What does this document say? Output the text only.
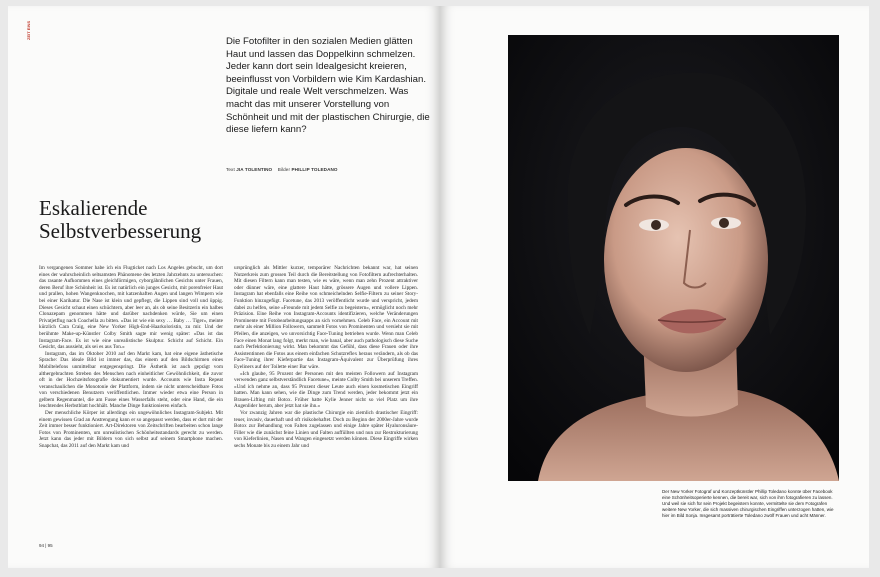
ZEIT EINS

Die Fotofilter in den sozialen Medien glätten Haut und lassen das Doppelkinn schmelzen. Jeder kann dort sein Idealgesicht kreieren, beeinflusst von Vorbildern wie Kim Kardashian. Digitale und reale Welt verschmelzen. Was macht das mit unserer Vorstellung von Schönheit und mit der plastischen Chirurgie, die diese liefern kann?

Text JIA TOLENTINO Bilder PHILLIP TOLEDANO
Eskalierende Selbstverbesserung

Im vergangenen Sommer habe ich ein Flugticket nach Los Angeles gebucht, um dort eines der wahrscheinlich seltsamsten Phänomene des letzten Jahrzehnts zu untersuchen: das rasante Aufkommen eines gleichförmigen, cyborgähnlichen Gesichts unter Frauen, deren Beruf ihre Schönheit ist. Es ist natürlich ein junges Gesicht, mit porenfreier Haut und prallen, hohen Wangenknochen, mit katzenhaften Augen und langen Wimpern wie bei einer Karikatur. Die Nase ist klein und gepflegt, die Lippen sind voll und üppig. Dieses Gesicht schaut einen schüchtern, aber leer an, als ob seine Besitzerin ein halbes Clonazepam genommen hätte und darüber nachdenken würde, Sie um einen Privatjetflug nach Coachella zu bitten. «Das ist wie ein sexy … Baby … Tiger», meinte kürzlich Cara Craig, eine New Yorker High-End-Haarkoloristin, zu mir. Und der berühmte Make-up-Künstler Colby Smith sagte mir wenig später: «Das ist das Instagram-Face. Es ist wie eine unrealistische Skulptur. Schicht auf Schicht. Ein Gesicht, das aussieht, als sei es aus Ton.»

Instagram, das im Oktober 2010 auf den Markt kam, hat eine eigene ästhetische Sprache: Das ideale Bild ist immer das, das einem auf den Bildschirmen eines Mobiltelefons unmittelbar entgegenspringt. Die Ästhetik ist auch geprägt vom althergebrachten Streben des Menschen nach einheitlicher Gewöhnlichkeit, die zuvor oft in der Hochzeitsfotografie dokumentiert wurde. Accounts wie Insta Repeat veranschaulichen die Monotonie der Plattform, indem sie nicht unterscheidbare Fotos von verschiedenen Benutzern veröffentlichen. Immer wieder etwa eine Person in gelbem Regenmantel, die am Fusse eines Wasserfalls steht, oder eine Hand, die ein leuchtendes Herbstblatt hochhält. Manche Dinge funktionieren einfach.

Der menschliche Körper ist allerdings ein ungewöhnliches Instagram-Subjekt. Mit einem gewissen Grad an Anstrengung kann er so angepasst werden, dass er dort mit der Zeit immer besser funktioniert. Art-Direktoren von Zeitschriften bearbeiten schon lange Fotos von Prominenten, um unrealistischen Schönheitsstandards gerecht zu werden. Jetzt kann das jeder mit Bildern von sich selbst auf seinem Smartphone machen. Snapchat, das 2011 auf den Markt kam und

ursprünglich als Mittler kurzer, temporärer Nachrichten bekannt war, hat seinen Nutzerkreis zum grossen Teil durch die Bereitstellung von Fotofiltern aufrechterhalten. Mit diesen Filtern kann man testen, wie es wäre, wenn man zehn Prozent attraktiver oder dünner wäre, eine glattere Haut hätte, grössere Augen und vollere Lippen. Instagram hat ebenfalls eine Reihe von schmeichelnden Selfie-Filtern zu seiner Story-Funktion hinzugefügt. Facetune, das 2013 veröffentlicht wurde und verspricht, jedem dabei zu helfen, seine «Freunde mit jedem Selfie zu begeistern», ermöglicht noch mehr Präzision. Eine Reihe von Instagram-Accounts identifizieren, welche Veränderungen Prominente mit Fotobearbeitungsapps an sich vornehmen. Celeb Face, ein Account mit mehr als einer Million Followern, sammelt Fotos von Prominenten und versieht sie mit Pfeilen, die anzeigen, wo unvorsichtig Face-Tuning betrieben wurde. Wenn man Celeb Face einen Monat lang folgt, merkt man, wie banal, aber auch pathologisch diese Suche nach Perfektionierung wirkt. Man bekommt das Gefühl, dass diese Frauen oder ihre Assistentinnen die Fotos aus einem einfachen Schutzreflex heraus verändern, als ob das Face-Tuning ihrer Kieferpartie das Instagram-Äquivalent zur Überprüfung ihres Eyeliners auf der Toilette einer Bar wäre.

«Ich glaube, 95 Prozent der Personen mit den meisten Followern auf Instagram verwenden ganz selbstverständlich Facetune», meinte Colby Smith bei unserem Treffen. «Und ich nehme an, dass 95 Prozent dieser Leute auch einen kosmetischen Eingriff hatten. Man kann sehen, wie die Dinge zum Trend werden, jeder bekommt jetzt ein Brauen-Lifting mit Botox. Früher hatte Kylie Jenner nicht so viel Platz um ihre Augenlider herum, aber jetzt hat sie ihn.»

Vor zwanzig Jahren war die plastische Chirurgie ein ziemlich drastischer Eingriff: teuer, invasiv, dauerhaft und oft risikobehaftet. Doch zu Beginn der 2000er-Jahre wurde Botox zur Behandlung von Falten zugelassen und einige Jahre später Hyaluronsäure-Filler wie die zunächst feine Linien und Falten auffüllten und nun zur Restrukturierung von Kieferlinien, Nasen und Wangen eingesetzt werden können. Diese Eingriffe wirken sechs Monate bis zu einem Jahr und

94 | 95

Der New Yorker Fotograf und Konzeptkünstler Phillip Toledano konnte über Facebook eine Schönheitsoperierte kennen, die bereit war, sich von ihm fotografieren zu lassen. Und weil sie sich für sein Projekt begeistern konnte, vermittelte sie dem Fotografen weitere New Yorker, die sich massiven chirurgischen Eingriffen unterzogen hatten, wie hier im Bild Sonja. Insgesamt porträtierte Toledano zwölf Frauen und acht Männer.
